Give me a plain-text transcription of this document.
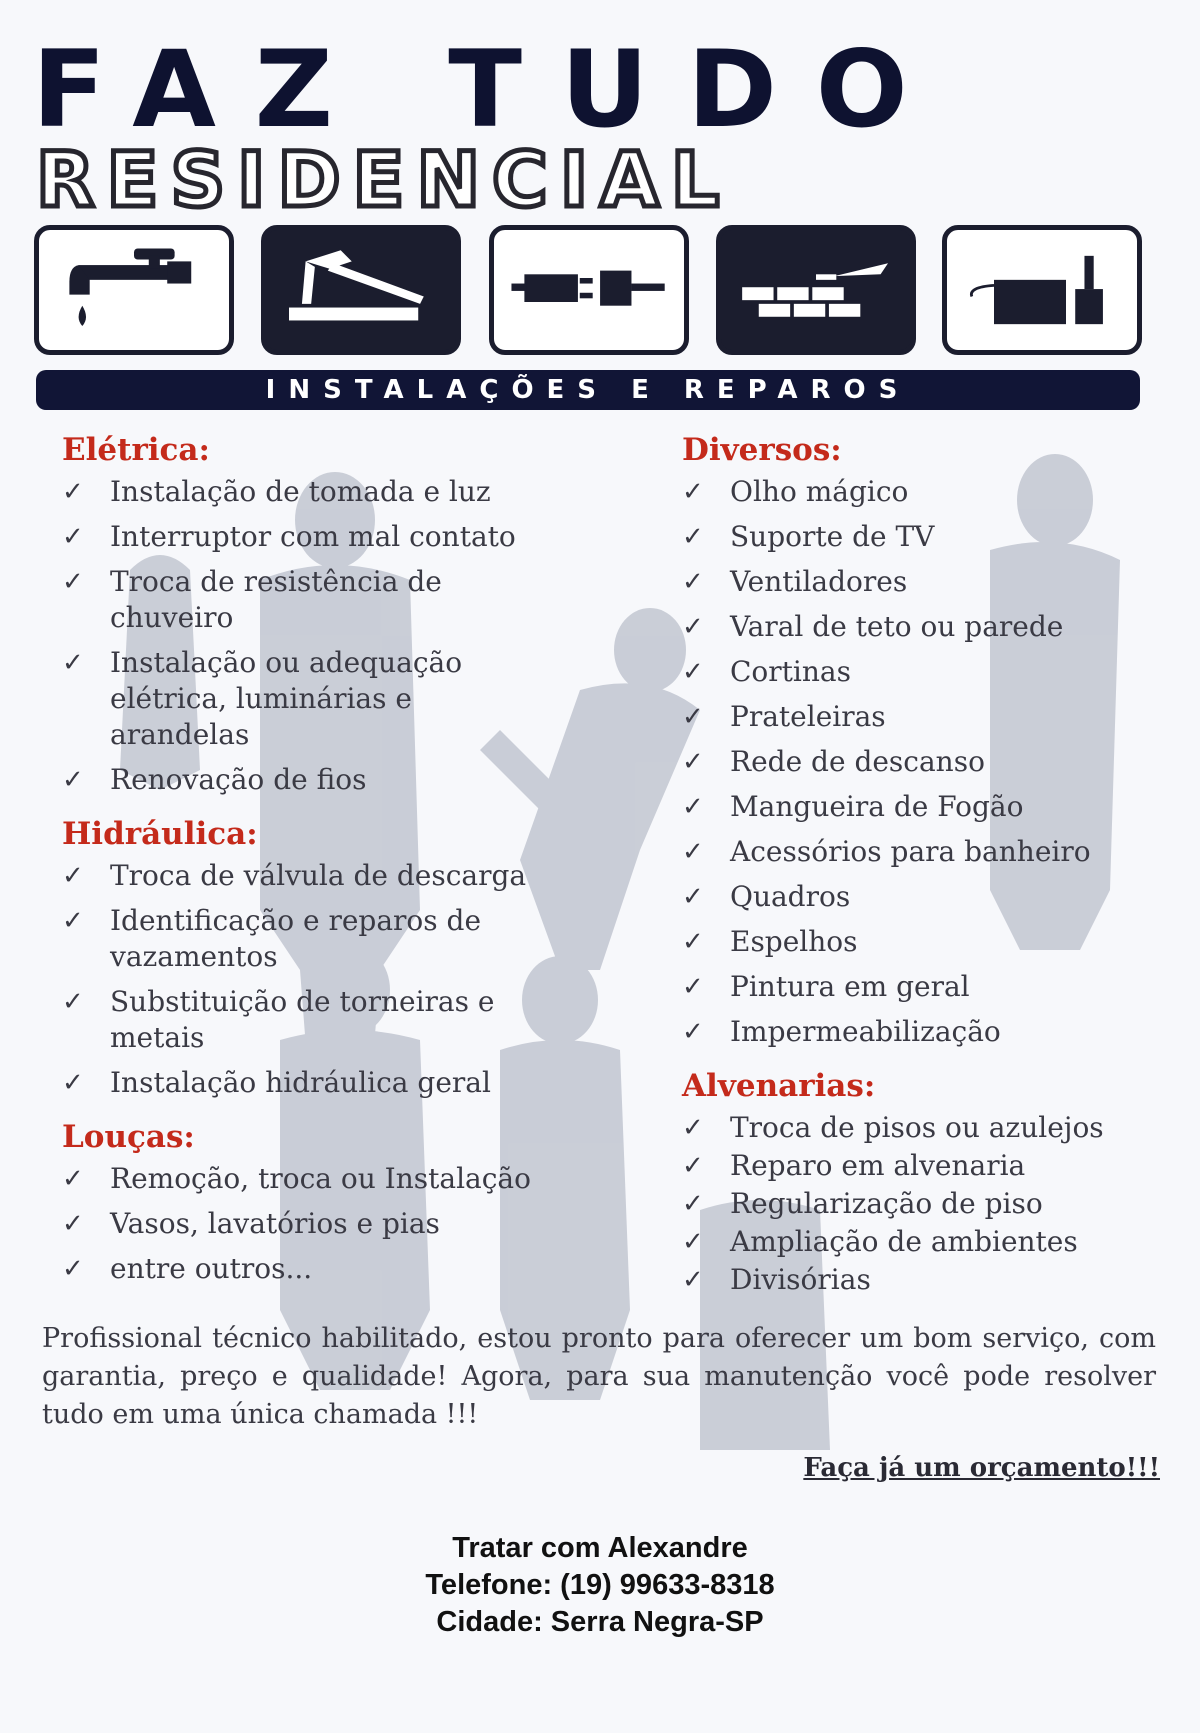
FAZ TUDO
RESIDENCIAL
INSTALAÇÕES E REPAROS
Elétrica:
✓ Instalação de tomada e luz
✓ Interruptor com mal contato
✓ Troca de resistência de chuveiro
✓ Instalação ou adequação elétrica, luminárias e arandelas
✓ Renovação de fios
Hidráulica:
✓ Troca de válvula de descarga
✓ Identificação e reparos de vazamentos
✓ Substituição de torneiras e metais
✓ Instalação hidráulica geral
Louças:
✓ Remoção, troca ou Instalação
✓ Vasos, lavatórios e pias
✓ entre outros...
Diversos:
✓ Olho mágico
✓ Suporte de TV
✓ Ventiladores
✓ Varal de teto ou parede
✓ Cortinas
✓ Prateleiras
✓ Rede de descanso
✓ Mangueira de Fogão
✓ Acessórios para banheiro
✓ Quadros
✓ Espelhos
✓ Pintura em geral
✓ Impermeabilização
Alvenarias:
✓ Troca de pisos ou azulejos
✓ Reparo em alvenaria
✓ Regularização de piso
✓ Ampliação de ambientes
✓ Divisórias
Profissional técnico habilitado, estou pronto para oferecer um bom serviço, com garantia, preço e qualidade! Agora, para sua manutenção você pode resolver tudo em uma única chamada !!!
Faça já um orçamento!!!
Tratar com Alexandre
Telefone: (19) 99633-8318
Cidade: Serra Negra-SP
